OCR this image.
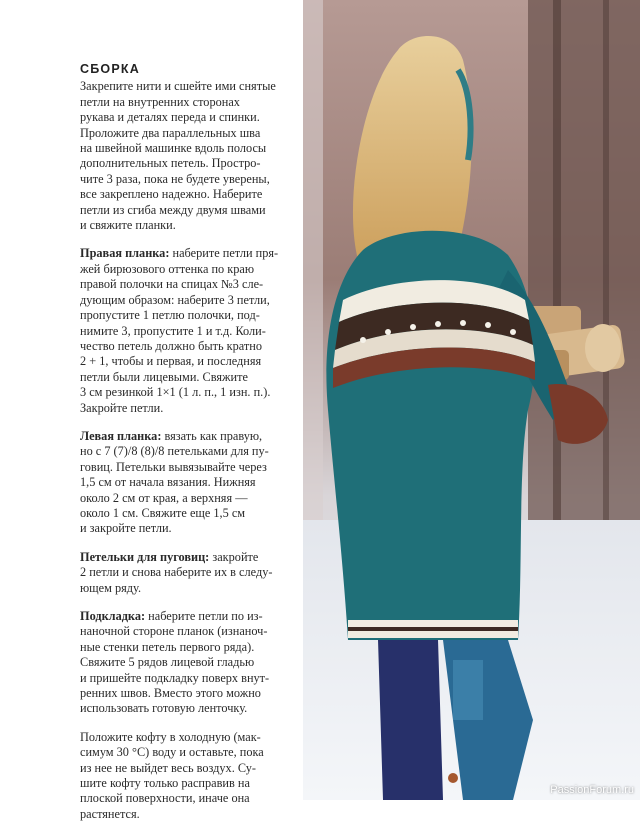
СБОРКА
Закрепите нити и сшейте ими снятые петли на внутренних сторонах
рукава и деталях переда и спинки.
Проложите два параллельных шва
на швейной машинке вдоль полосы
дополнительных петель. Простро-
чите 3 раза, пока не будете уверены,
все закреплено надежно. Наберите
петли из сгиба между двумя швами
и свяжите планки.
Правая планка: наберите петли пря-
жей бирюзового оттенка по краю
правой полочки на спицах №3 сле-
дующим образом: наберите 3 петли,
пропустите 1 петлю полочки, под-
нимите 3, пропустите 1 и т.д. Коли-
чество петель должно быть кратно
2 + 1, чтобы и первая, и последняя
петли были лицевыми. Свяжите
3 см резинкой 1×1 (1 л. п., 1 изн. п.).
Закройте петли.
Левая планка: вязать как правую,
но с 7 (7)/8 (8)/8 петельками для пу-
говиц. Петельки вывязывайте через
1,5 см от начала вязания. Нижняя
около 2 см от края, а верхняя —
около 1 см. Свяжите еще 1,5 см
и закройте петли.
Петельки для пуговиц: закройте
2 петли и снова наберите их в следу-
ющем ряду.
Подкладка: наберите петли по из-
наночной стороне планок (изнаноч-
ные стенки петель первого ряда).
Свяжите 5 рядов лицевой гладью
и пришейте подкладку поверх внут-
ренних швов. Вместо этого можно
использовать готовую ленточку.
Положите кофту в холодную (мак-
симум 30 °C) воду и оставьте, пока
из нее не выйдет весь воздух. Су-
шите кофту только расправив на
плоской поверхности, иначе она
растянется.
PassionForum.ru
